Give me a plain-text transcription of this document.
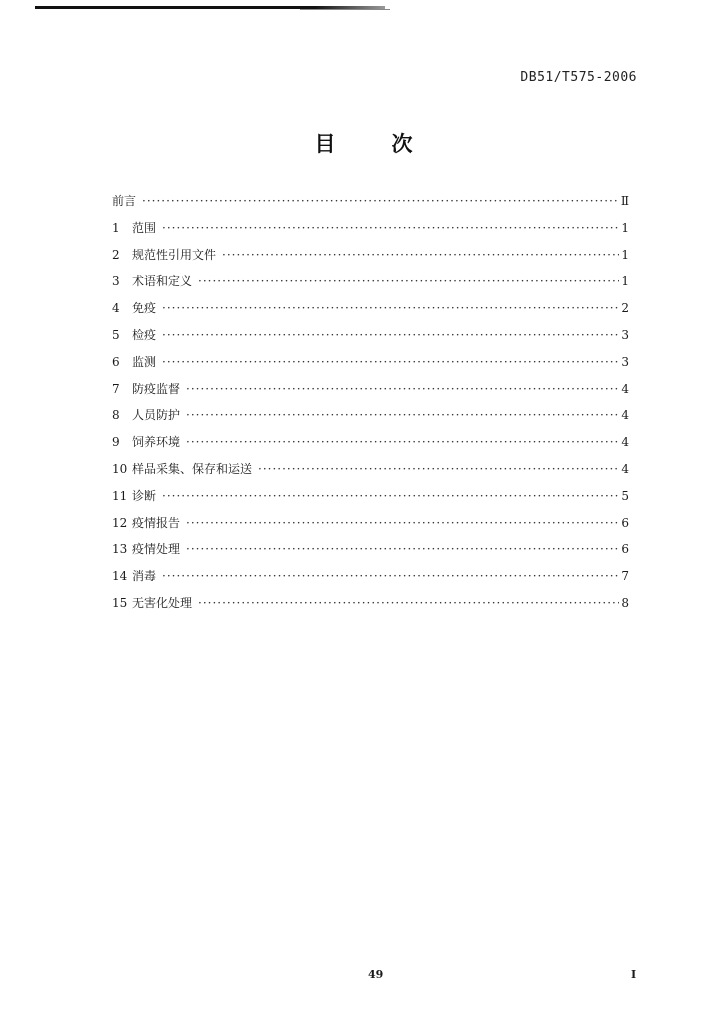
DB51/T575-2006
目	次
前言 ·····	Ⅱ
1	范围 ·····	1
2	规范性引用文件 ·····	1
3	术语和定义 ·····	1
4	免疫 ·····	2
5	检疫 ·····	3
6	监测 ·····	3
7	防疫监督 ·····	4
8	人员防护 ·····	4
9	饲养环境 ·····	4
10 样品采集、保存和运送 ·····	4
11 诊断 ·····	5
12 疫情报告 ·····	6
13 疫情处理 ·····	6
14 消毒 ·····	7
15 无害化处理 ·····	8
49	I
